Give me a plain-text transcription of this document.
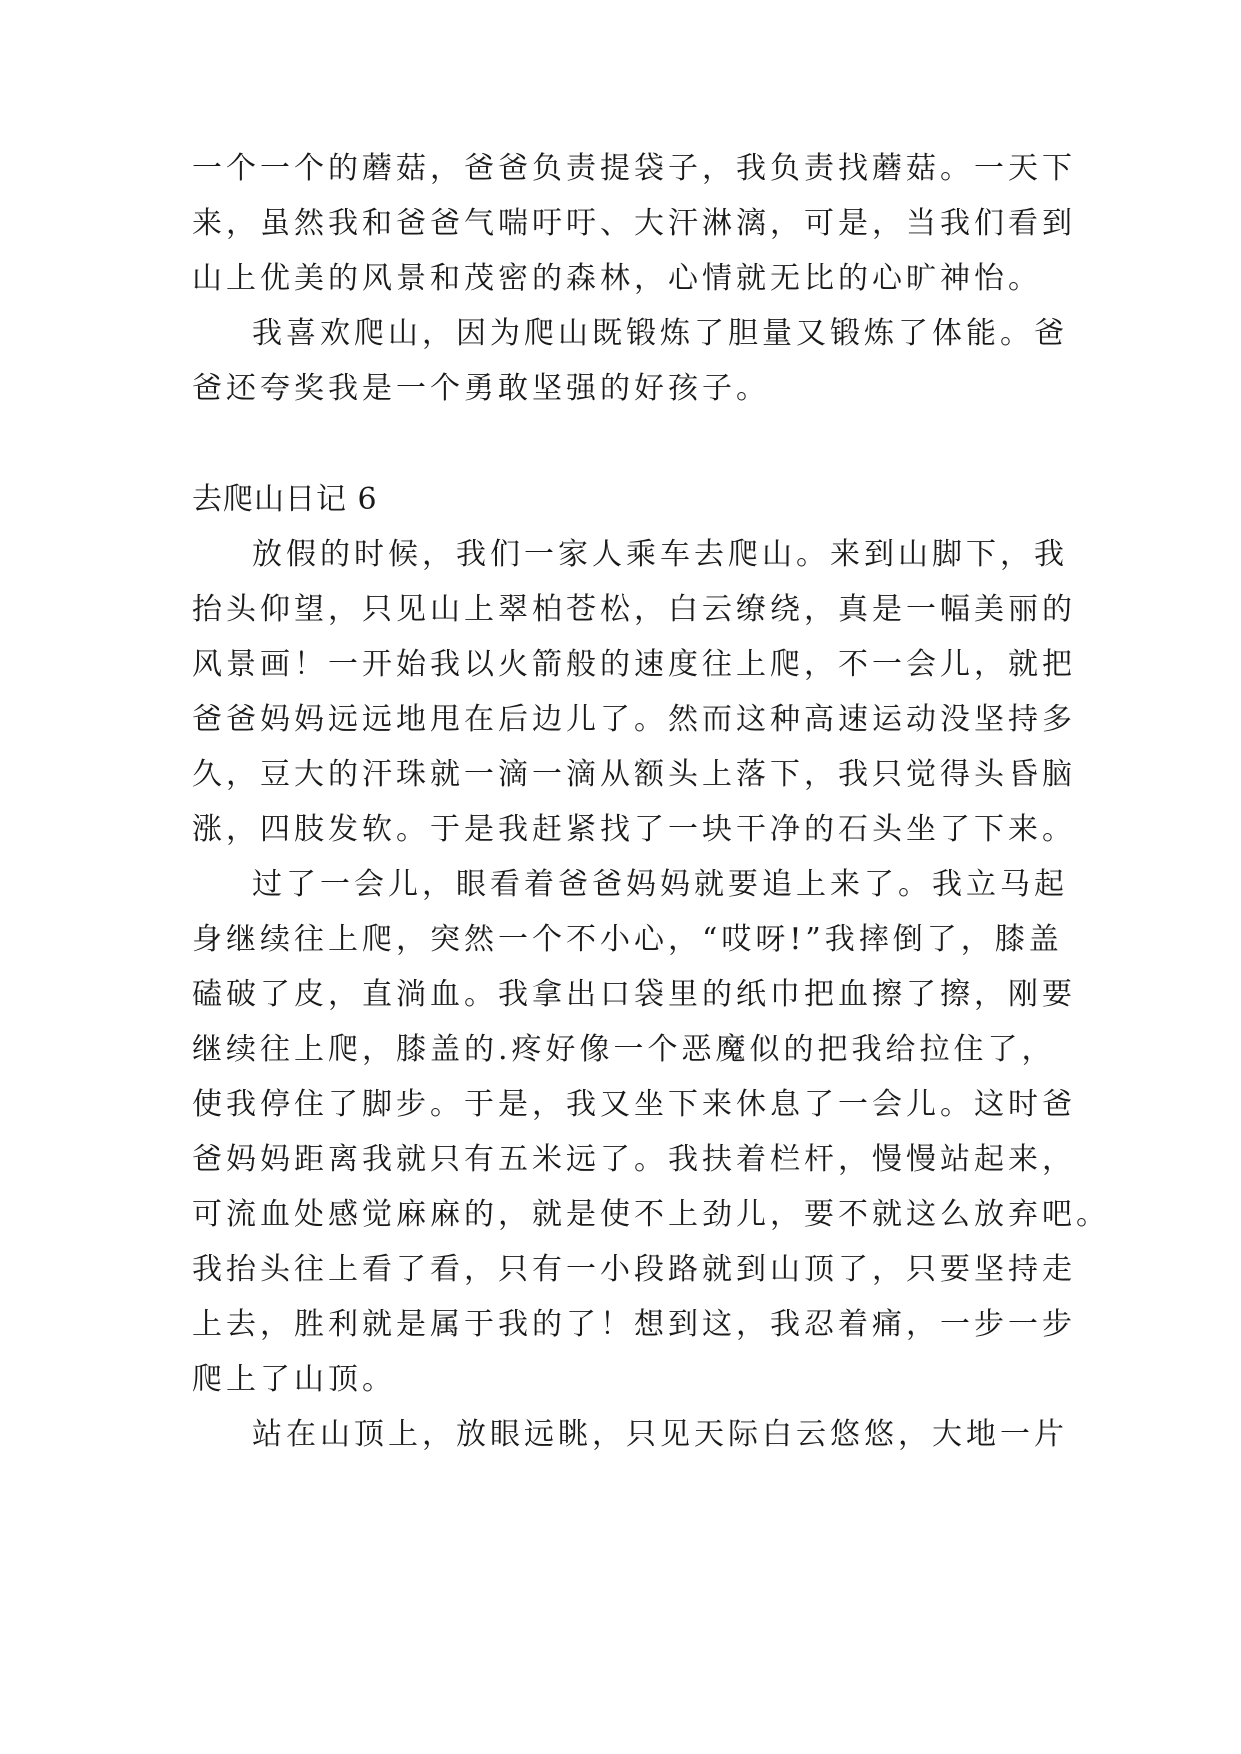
一个一个的蘑菇，爸爸负责提袋子，我负责找蘑菇。一天下
来，虽然我和爸爸气喘吁吁、大汗淋漓，可是，当我们看到
山上优美的风景和茂密的森林，心情就无比的心旷神怡。
我喜欢爬山，因为爬山既锻炼了胆量又锻炼了体能。爸
爸还夸奖我是一个勇敢坚强的好孩子。
去爬山日记 6
放假的时候，我们一家人乘车去爬山。来到山脚下，我
抬头仰望，只见山上翠柏苍松，白云缭绕，真是一幅美丽的
风景画！一开始我以火箭般的速度往上爬，不一会儿，就把
爸爸妈妈远远地甩在后边儿了。然而这种高速运动没坚持多
久，豆大的汗珠就一滴一滴从额头上落下，我只觉得头昏脑
涨，四肢发软。于是我赶紧找了一块干净的石头坐了下来。
过了一会儿，眼看着爸爸妈妈就要追上来了。我立马起
身继续往上爬，突然一个不小心，“哎呀!”我摔倒了，膝盖
磕破了皮，直淌血。我拿出口袋里的纸巾把血擦了擦，刚要
继续往上爬，膝盖的.疼好像一个恶魔似的把我给拉住了，
使我停住了脚步。于是，我又坐下来休息了一会儿。这时爸
爸妈妈距离我就只有五米远了。我扶着栏杆，慢慢站起来，
可流血处感觉麻麻的，就是使不上劲儿，要不就这么放弃吧。
我抬头往上看了看，只有一小段路就到山顶了，只要坚持走
上去，胜利就是属于我的了！想到这，我忍着痛，一步一步
爬上了山顶。
站在山顶上，放眼远眺，只见天际白云悠悠，大地一片
